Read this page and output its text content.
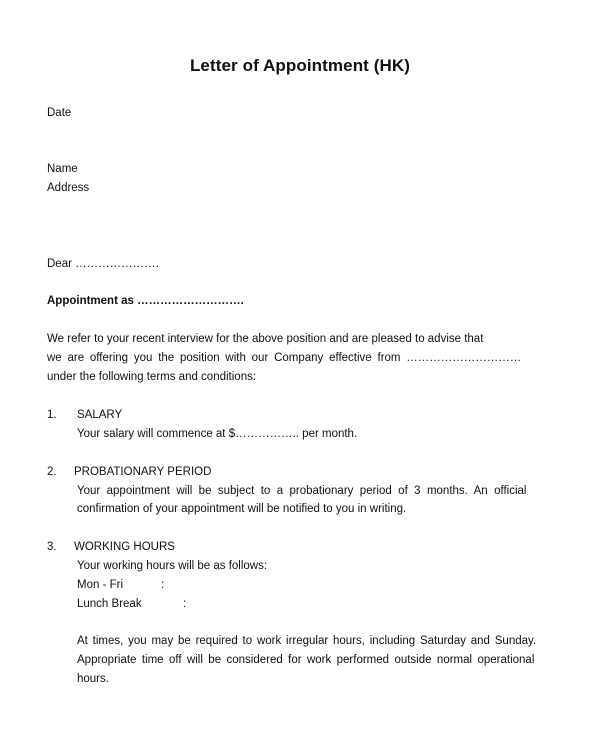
Letter of Appointment (HK)
Date
Name
Address
Dear ………………….
Appointment as ……………………….
We refer to your recent interview for the above position and are pleased to advise that
we are offering you the position with our Company effective from …………………………
under the following terms and conditions:
1. SALARY
Your salary will commence at $…………….. per month.
2. PROBATIONARY PERIOD
Your appointment will be subject to a probationary period of 3 months. An official
confirmation of your appointment will be notified to you in writing.
3. WORKING HOURS
Your working hours will be as follows:
Mon - Fri	:
Lunch Break	:
At times, you may be required to work irregular hours, including Saturday and Sunday.
Appropriate time off will be considered for work performed outside normal operational
hours.
